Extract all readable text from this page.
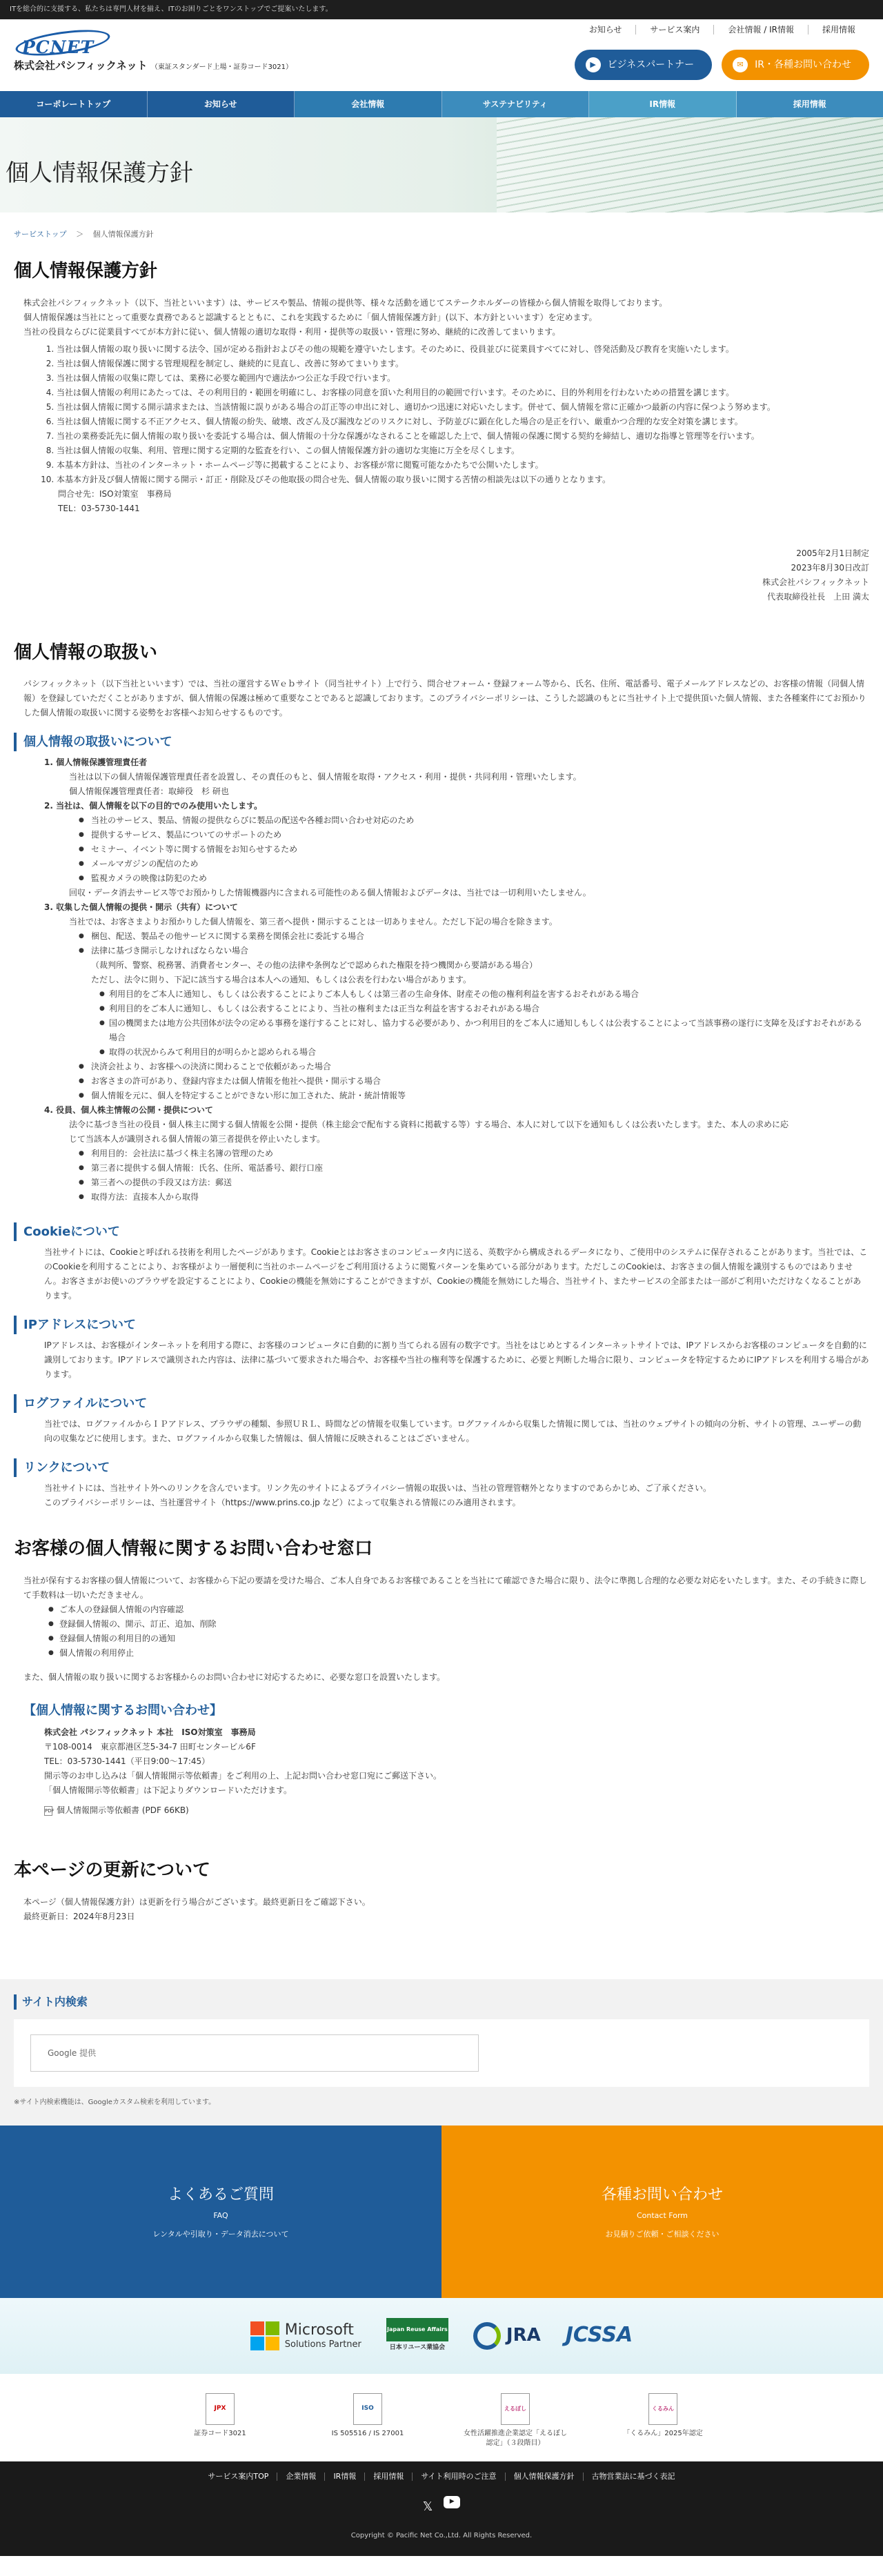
ITを総合的に支援する、私たちは専門人材を揃え、ITのお困りごとをワンストップでご提案いたします。
PCNET
株式会社パシフィックネット （東証スタンダード上場・証券コード3021）
お知らせ	サービス案内	会社情報 / IR情報	採用情報
▶	ビジネスパートナー	✉	IR・各種お問い合わせ
コーポレートトップ	お知らせ	会社情報	サステナビリティ	IR情報	採用情報
個人情報保護方針
サービストップ ＞ 個人情報保護方針
個人情報保護方針

株式会社パシフィックネット（以下、当社といいます）は、サービスや製品、情報の提供等、様々な活動を通じてステークホルダーの皆様から個人情報を取得しております。

個人情報保護は当社にとって重要な責務であると認識するとともに、これを実践するために「個人情報保護方針」(以下、本方針といいます）を定めます。

当社の役員ならびに従業員すべてが本方針に従い、個人情報の適切な取得・利用・提供等の取扱い・管理に努め、継続的に改善してまいります。

1. 当社は個人情報の取り扱いに関する法令、国が定める指針およびその他の規範を遵守いたします。そのために、役員並びに従業員すべてに対し、啓発活動及び教育を実施いたします。
2. 当社は個人情報保護に関する管理規程を制定し、継続的に見直し、改善に努めてまいります。
3. 当社は個人情報の収集に際しては、業務に必要な範囲内で適法かつ公正な手段で行います。
4. 当社は個人情報の利用にあたっては、その利用目的・範囲を明確にし、お客様の同意を頂いた利用目的の範囲で行います。そのために、目的外利用を行わないための措置を講じます。
5. 当社は個人情報に関する開示請求または、当該情報に誤りがある場合の訂正等の申出に対し、適切かつ迅速に対応いたします。併せて、個人情報を常に正確かつ最新の内容に保つよう努めます。
6. 当社は個人情報に関する不正アクセス、個人情報の紛失、破壊、改ざん及び漏洩などのリスクに対し、予防並びに顕在化した場合の是正を行い、厳重かつ合理的な安全対策を講じます。
7. 当社の業務委託先に個人情報の取り扱いを委託する場合は、個人情報の十分な保護がなされることを確認した上で、個人情報の保護に関する契約を締結し、適切な指導と管理等を行います。
8. 当社は個人情報の収集、利用、管理に関する定期的な監査を行い、この個人情報保護方針の適切な実施に万全を尽くします。
9. 本基本方針は、当社のインターネット・ホームページ等に掲載することにより、お客様が常に閲覧可能なかたちで公開いたします。
10. 本基本方針及び個人情報に関する開示・訂正・削除及びその他取扱の問合せ先、個人情報の取り扱いに関する苦情の相談先は以下の通りとなります。
問合せ先：ISO対策室　事務局
TEL：03-5730-1441
2005年2月1日制定
2023年8月30日改訂
株式会社パシフィックネット
代表取締役社長　上田 満太
個人情報の取扱い

パシフィックネット（以下当社といいます）では、当社の運営するＷｅｂサイト（同当社サイト）上で行う、問合せフォーム・登録フォーム等から、氏名、住所、電話番号、電子メールアドレスなどの、お客様の情報（同個人情報）を登録していただくことがありますが、個人情報の保護は極めて重要なことであると認識しております。このプライバシーポリシーは、こうした認識のもとに当社サイト上で提供頂いた個人情報、また各種案件にてお預かりした個人情報の取扱いに関する姿勢をお客様へお知らせするものです。

個人情報の取扱いについて
1. 個人情報保護管理責任者
当社は以下の個人情報保護管理責任者を設置し、その責任のもと、個人情報を取得・アクセス・利用・提供・共同利用・管理いたします。
個人情報保護管理責任者：取締役　杉 研也
2. 当社は、個人情報を以下の目的でのみ使用いたします。
● 当社のサービス、製品、情報の提供ならびに製品の配送や各種お問い合わせ対応のため
● 提供するサービス、製品についてのサポートのため
● セミナー、イベント等に関する情報をお知らせするため
● メールマガジンの配信のため
● 監視カメラの映像は防犯のため
回収・データ消去サービス等でお預かりした情報機器内に含まれる可能性のある個人情報およびデータは、当社では一切利用いたしません。
3. 収集した個人情報の提供・開示（共有）について
当社では、お客さまよりお預かりした個人情報を、第三者へ提供・開示することは一切ありません。ただし下記の場合を除きます。
● 梱包、配送、製品その他サービスに関する業務を関係会社に委託する場合
● 法律に基づき開示しなければならない場合
（裁判所、警察、税務署、消費者センター、その他の法律や条例などで認められた権限を持つ機関から要請がある場合）
ただし、法令に則り、下記に該当する場合は本人への通知、もしくは公表を行わない場合があります。
● 利用目的をご本人に通知し、もしくは公表することによりご本人もしくは第三者の生命身体、財産その他の権利利益を害するおそれがある場合
● 利用目的をご本人に通知し、もしくは公表することにより、当社の権利または正当な利益を害するおそれがある場合
● 国の機関または地方公共団体が法令の定める事務を遂行することに対し、協力する必要があり、かつ利用目的をご本人に通知しもしくは公表することによって当該事務の遂行に支障を及ぼすおそれがある場合
● 取得の状況からみて利用目的が明らかと認められる場合
● 決済会社より、お客様への決済に関わることで依頼があった場合
● お客さまの許可があり、登録内容または個人情報を他社へ提供・開示する場合
● 個人情報を元に、個人を特定することができない形に加工された、統計・統計情報等
4. 役員、個人株主情報の公開・提供について
法令に基づき当社の役員・個人株主に関する個人情報を公開・提供（株主総会で配布する資料に掲載する等）する場合、本人に対して以下を通知もしくは公表いたします。また、本人の求めに応
じて当該本人が識別される個人情報の第三者提供を停止いたします。
● 利用目的：会社法に基づく株主名簿の管理のため
● 第三者に提供する個人情報：氏名、住所、電話番号、銀行口座
● 第三者への提供の手段又は方法：郵送
● 取得方法：直接本人から取得
Cookieについて

当社サイトには、Cookieと呼ばれる技術を利用したページがあります。Cookieとはお客さまのコンピュータ内に送る、英数字から構成されるデータになり、ご使用中のシステムに保存されることがあります。当社では、このCookieを利用することにより、お客様がより一層便利に当社のホームページをご利用頂けるように閲覧パターンを集めている部分があります。ただしこのCookieは、お客さまの個人情報を識別するものではありません。お客さまがお使いのブラウザを設定することにより、Cookieの機能を無効にすることができますが、Cookieの機能を無効にした場合、当社サイト、またサービスの全部または一部がご利用いただけなくなることがあります。

IPアドレスについて

IPアドレスは、お客様がインターネットを利用する際に、お客様のコンピュータに自動的に割り当てられる固有の数字です。当社をはじめとするインターネットサイトでは、IPアドレスからお客様のコンピュータを自動的に識別しております。IPアドレスで識別された内容は、法律に基づいて要求された場合や、お客様や当社の権利等を保護するために、必要と判断した場合に限り、コンピュータを特定するためにIPアドレスを利用する場合があります。

ログファイルについて

当社では、ログファイルからＩＰアドレス、ブラウザの種類、参照ＵＲＬ、時間などの情報を収集しています。ログファイルから収集した情報に関しては、当社のウェブサイトの傾向の分析、サイトの管理、ユーザーの動向の収集などに使用します。また、ログファイルから収集した情報は、個人情報に反映されることはございません。

リンクについて

当社サイトには、当社サイト外へのリンクを含んでいます。リンク先のサイトによるプライバシー情報の取扱いは、当社の管理管轄外となりますのであらかじめ、ご了承ください。

このプライバシーポリシーは、当社運営サイト（https://www.prins.co.jp など）によって収集される情報にのみ適用されます。

お客様の個人情報に関するお問い合わせ窓口

当社が保有するお客様の個人情報について、お客様から下記の要請を受けた場合、ご本人自身であるお客様であることを当社にて確認できた場合に限り、法令に準拠し合理的な必要な対応をいたします。また、その手続きに際して手数料は一切いただきません。

● ご本人の登録個人情報の内容確認
● 登録個人情報の、開示、訂正、追加、削除
● 登録個人情報の利用目的の通知
● 個人情報の利用停止

また、個人情報の取り扱いに関するお客様からのお問い合わせに対応するために、必要な窓口を設置いたします。

【個人情報に関するお問い合わせ】
株式会社 パシフィックネット 本社　ISO対策室　事務局
〒108-0014　東京都港区芝5-34-7 田町センタービル6F
TEL：03-5730-1441（平日9:00〜17:45）
開示等のお申し込みは「個人情報開示等依頼書」をご利用の上、上記お問い合わせ窓口宛にご郵送下さい。
「個人情報開示等依頼書」は下記よりダウンロードいただけます。
PDF 個人情報開示等依頼書 (PDF 66KB)
本ページの更新について

本ページ（個人情報保護方針）は更新を行う場合がございます。最終更新日をご確認下さい。

最終更新日：2024年8月23日

サイト内検索
Google 提供
※サイト内検索機能は、Googleカスタム検索を利用しています。
よくあるご質問
FAQ
レンタルや引取り・データ消去について
各種お問い合わせ
Contact Form
お見積りご依頼・ご相談ください
Microsoft
Solutions Partner
Japan Reuse Affairs
日本リユース業協会
JRA JCSSA
JPX
証券コード3021
ISO
IS 505516 / IS 27001
えるぼし
女性活躍推進企業認定「えるぼし認定」（３段階目）
くるみん
「くるみん」2025年認定
サービス案内TOP	企業情報	IR情報	採用情報	サイト利用時のご注意	個人情報保護方針	古物営業法に基づく表記
𝕏	▶
Copyright © Pacific Net Co.,Ltd. All Rights Reserved.
